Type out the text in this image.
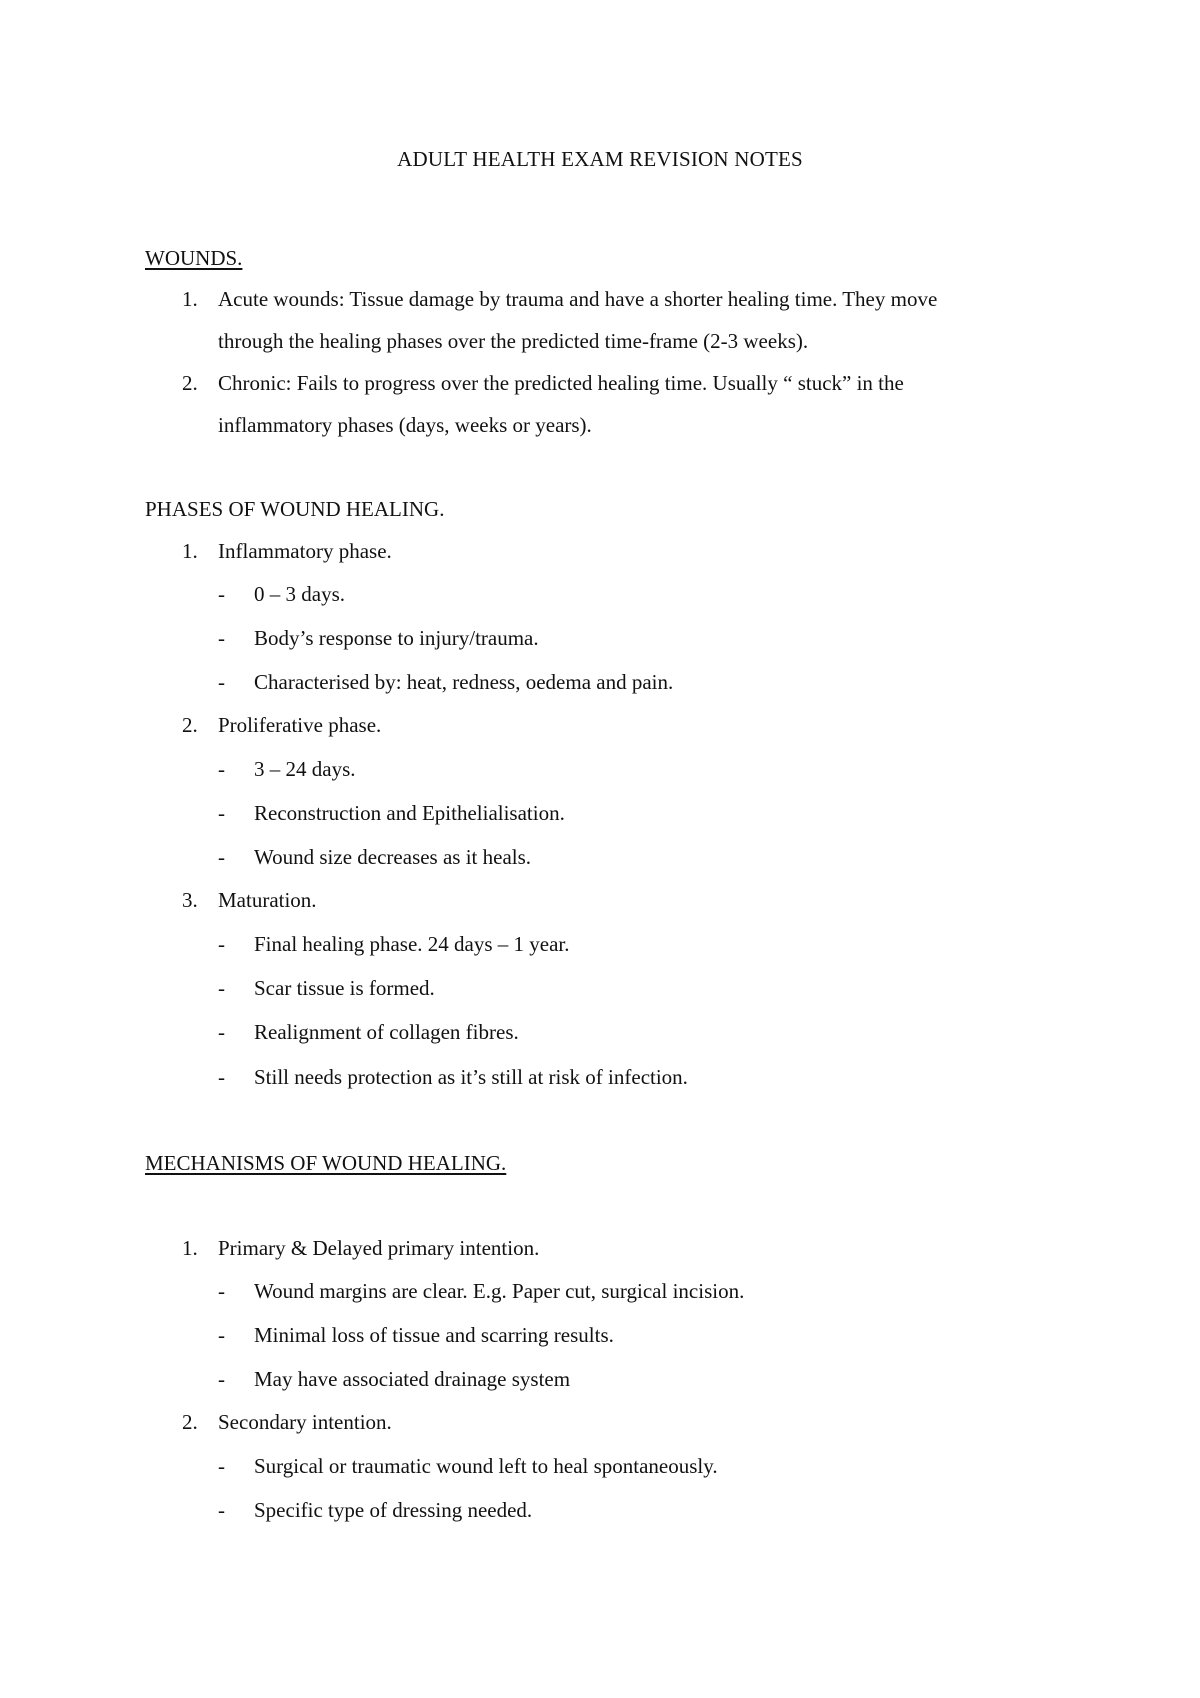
ADULT HEALTH EXAM REVISION NOTES
WOUNDS.
1. Acute wounds: Tissue damage by trauma and have a shorter healing time. They move
through the healing phases over the predicted time-frame (2-3 weeks).
2. Chronic: Fails to progress over the predicted healing time. Usually “ stuck” in the
inflammatory phases (days, weeks or years).
PHASES OF WOUND HEALING.
1. Inflammatory phase.
- 0 – 3 days.
- Body’s response to injury/trauma.
- Characterised by: heat, redness, oedema and pain.
2. Proliferative phase.
- 3 – 24 days.
- Reconstruction and Epithelialisation.
- Wound size decreases as it heals.
3. Maturation.
- Final healing phase. 24 days – 1 year.
- Scar tissue is formed.
- Realignment of collagen fibres.
- Still needs protection as it’s still at risk of infection.
MECHANISMS OF WOUND HEALING.
1. Primary & Delayed primary intention.
- Wound margins are clear. E.g. Paper cut, surgical incision.
- Minimal loss of tissue and scarring results.
- May have associated drainage system
2. Secondary intention.
- Surgical or traumatic wound left to heal spontaneously.
- Specific type of dressing needed.
